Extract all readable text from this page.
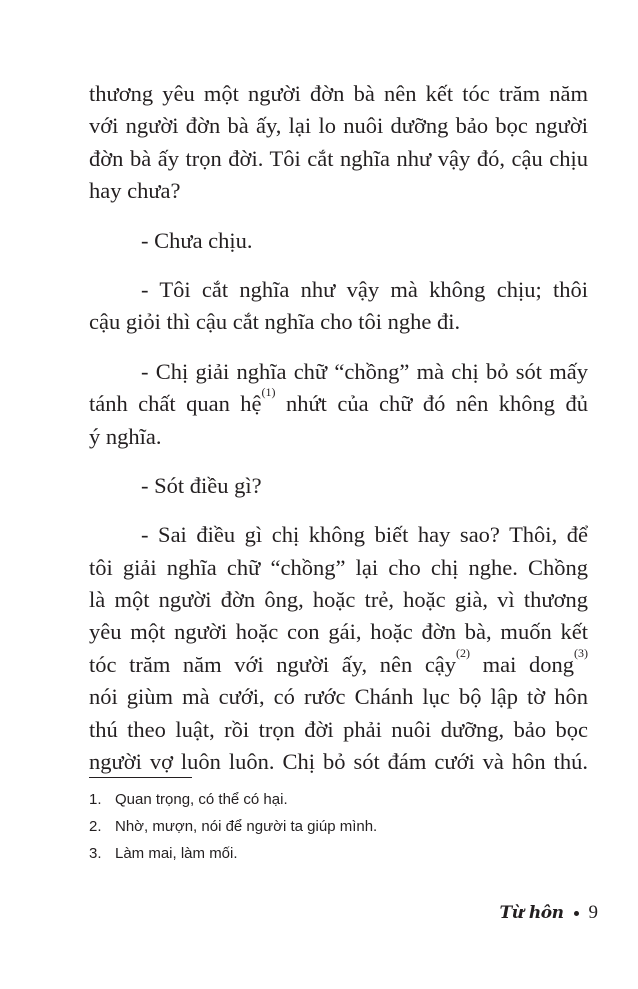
thương yêu một người đờn bà nên kết tóc trăm năm
với người đờn bà ấy, lại lo nuôi dưỡng bảo bọc người
đờn bà ấy trọn đời. Tôi cắt nghĩa như vậy đó, cậu chịu
hay chưa?
- Chưa chịu.
- Tôi cắt nghĩa như vậy mà không chịu; thôi
cậu giỏi thì cậu cắt nghĩa cho tôi nghe đi.
- Chị giải nghĩa chữ “chồng” mà chị bỏ sót mấy
tánh chất quan hệ$^{(1)}$ nhứt của chữ đó nên không đủ
ý nghĩa.
- Sót điều gì?
- Sai điều gì chị không biết hay sao? Thôi, để
tôi giải nghĩa chữ “chồng” lại cho chị nghe. Chồng
là một người đờn ông, hoặc trẻ, hoặc già, vì thương
yêu một người hoặc con gái, hoặc đờn bà, muốn kết
tóc trăm năm với người ấy, nên cậy$^{(2)}$ mai dong$^{(3)}$
nói giùm mà cưới, có rước Chánh lục bộ lập tờ hôn
thú theo luật, rồi trọn đời phải nuôi dưỡng, bảo bọc
người vợ luôn luôn. Chị bỏ sót đám cưới và hôn thú.
1. Quan trọng, có thể có hại.
2. Nhờ, mượn, nói để người ta giúp mình.
3. Làm mai, làm mối.
Từ hôn 9
